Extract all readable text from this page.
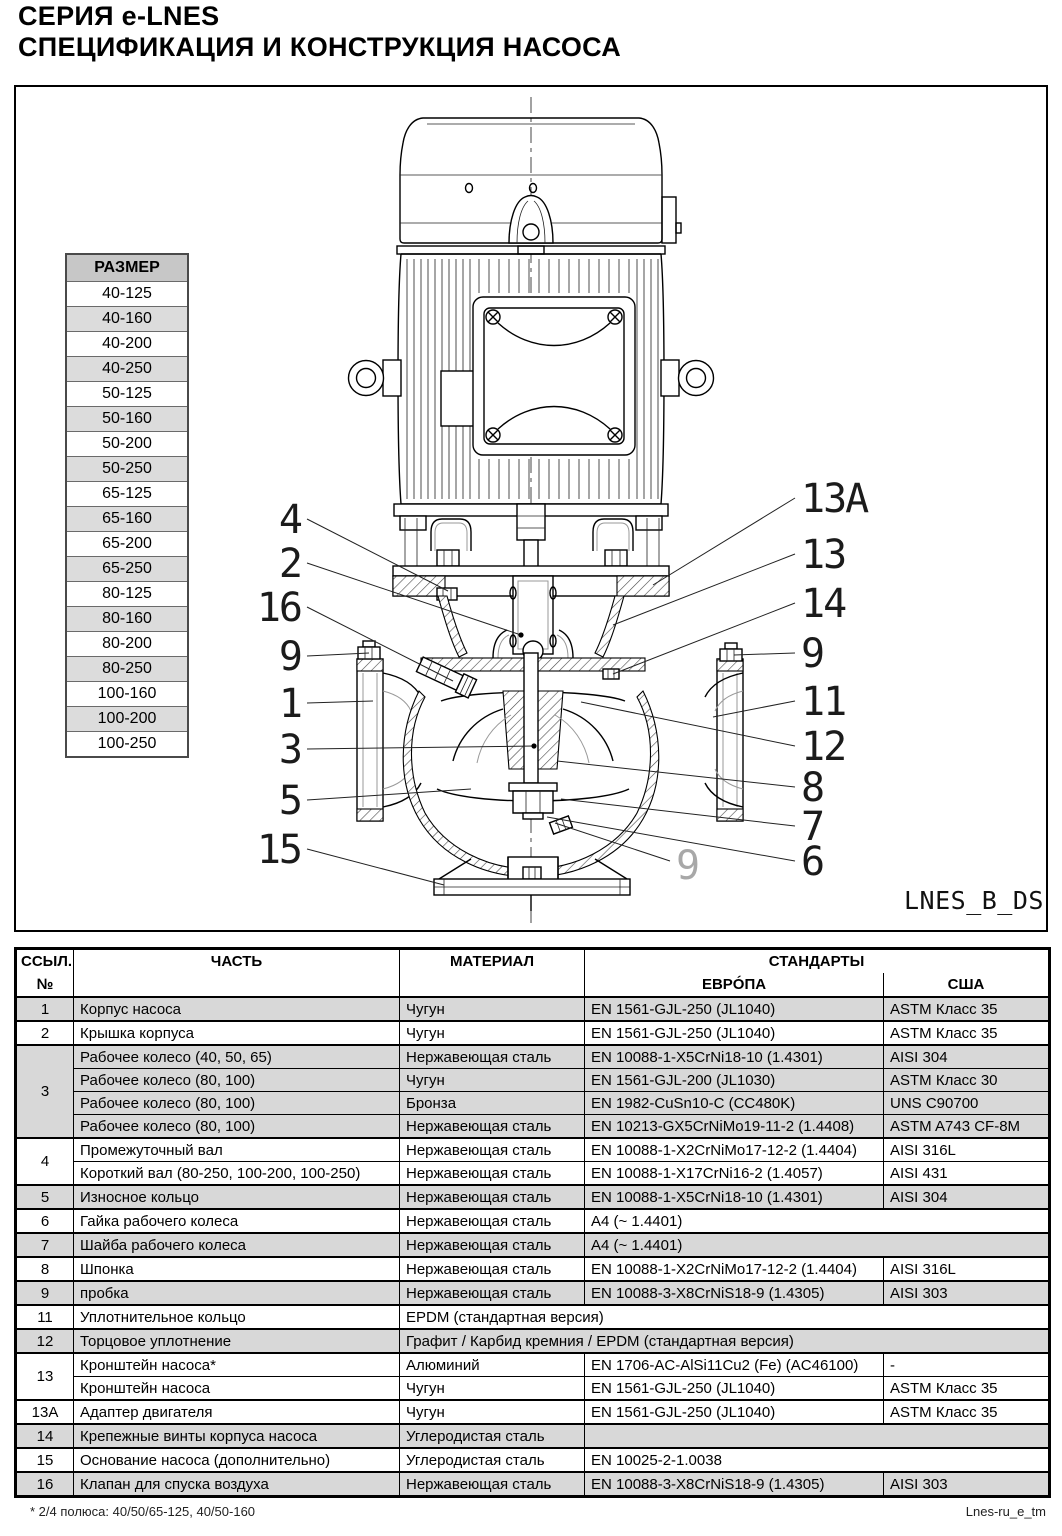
СЕРИЯ e-LNES
СПЕЦИФИКАЦИЯ И КОНСТРУКЦИЯ НАСОСА
4
2
16
9
1
3
5
15
13A
13
14
9
11
12
8
7
6
9
LNES_B_DS
РАЗМЕР
40-125
40-160
40-200
40-250
50-125
50-160
50-200
50-250
65-125
65-160
65-200
65-250
80-125
80-160
80-200
80-250
100-160
100-200
100-250
ССЫЛ.
№	ЧАСТЬ	МАТЕРИАЛ	СТАНДАРТЫ	
			ЕВРÓПА	США
1	Корпус насоса	Чугун	EN 1561-GJL-250 (JL1040)	ASTM Класс 35
2	Крышка корпуса	Чугун	EN 1561-GJL-250 (JL1040)	ASTM Класс 35
3	Рабочее колесо (40, 50, 65)	Нержавеющая сталь	EN 10088-1-X5CrNi18-10 (1.4301)	AISI 304
	Рабочее колесо (80, 100)	Чугун	EN 1561-GJL-200 (JL1030)	ASTM Класс 30
	Рабочее колесо (80, 100)	Бронза	EN 1982-CuSn10-C (CC480K)	UNS C90700
	Рабочее колесо (80, 100)	Нержавеющая сталь	EN 10213-GX5CrNiMo19-11-2 (1.4408)	ASTM A743 CF-8M
4	Промежуточный вал	Нержавеющая сталь	EN 10088-1-X2CrNiMo17-12-2 (1.4404)	AISI 316L
	Короткий вал (80-250, 100-200, 100-250)	Нержавеющая сталь	EN 10088-1-X17CrNi16-2 (1.4057)	AISI 431
5	Износное кольцо	Нержавеющая сталь	EN 10088-1-X5CrNi18-10 (1.4301)	AISI 304
6	Гайка рабочего колеса	Нержавеющая сталь	A4 (~ 1.4401)	
7	Шайба рабочего колеса	Нержавеющая сталь	A4 (~ 1.4401)	
8	Шпонка	Нержавеющая сталь	EN 10088-1-X2CrNiMo17-12-2 (1.4404)	AISI 316L
9	пробка	Нержавеющая сталь	EN 10088-3-X8CrNiS18-9 (1.4305)	AISI 303
11	Уплотнительное кольцо	EPDM (стандартная версия)		
12	Торцовое уплотнение	Графит / Карбид кремния / EPDM (стандартная версия)		
13	Кронштейн насоса*	Алюминий	EN 1706-AC-AlSi11Cu2 (Fe) (AC46100)	-
	Кронштейн насоса	Чугун	EN 1561-GJL-250 (JL1040)	ASTM Класс 35
13A	Адаптер двигателя	Чугун	EN 1561-GJL-250 (JL1040)	ASTM Класс 35
14	Крепежные винты корпуса насоса	Углеродистая сталь		
15	Основание насоса (дополнительно)	Углеродистая сталь	EN 10025-2-1.0038	
16	Клапан для спуска воздуха	Нержавеющая сталь	EN 10088-3-X8CrNiS18-9 (1.4305)	AISI 303
* 2/4 полюса: 40/50/65-125, 40/50-160	Lnes-ru_e_tm
